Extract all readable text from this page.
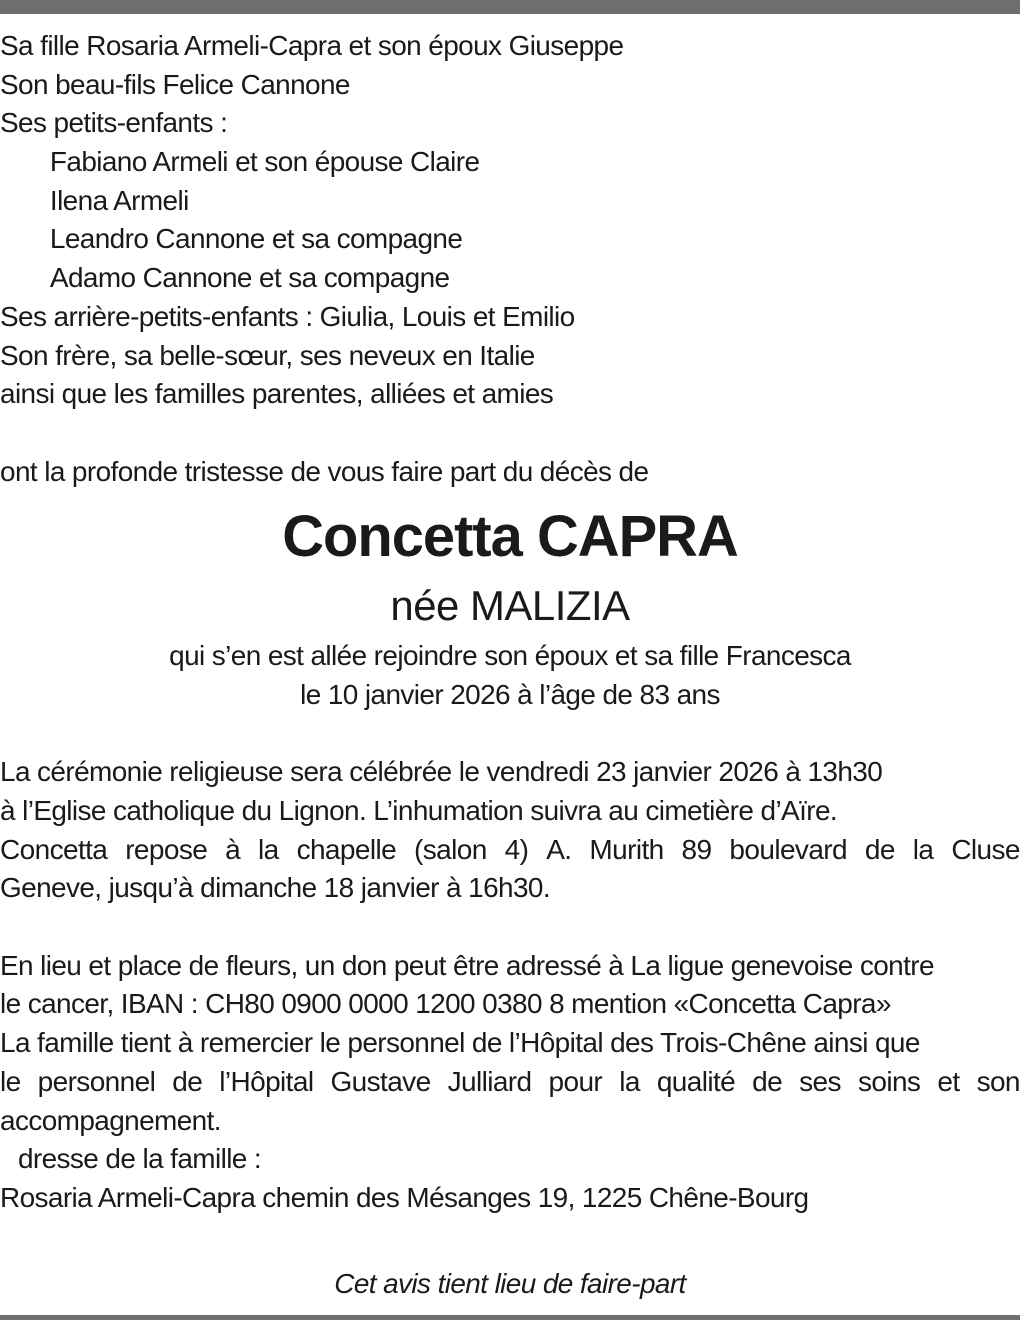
Sa fille Rosaria Armeli-Capra et son époux Giuseppe
Son beau-fils Felice Cannone
Ses petits-enfants :
Fabiano Armeli et son épouse Claire
Ilena Armeli
Leandro Cannone et sa compagne
Adamo Cannone et sa compagne
Ses arrière-petits-enfants : Giulia, Louis et Emilio
Son frère, sa belle-sœur, ses neveux en Italie
ainsi que les familles parentes, alliées et amies
ont la profonde tristesse de vous faire part du décès de
Concetta CAPRA
née MALIZIA
qui s’en est allée rejoindre son époux et sa fille Francesca
le 10 janvier 2026 à l’âge de 83 ans
La cérémonie religieuse sera célébrée le vendredi 23 janvier 2026 à 13h30
à l’Eglise catholique du Lignon. L’inhumation suivra au cimetière d’Aïre.
Concetta repose à la chapelle (salon 4) A. Murith 89 boulevard de la Cluse
Geneve, jusqu’à dimanche 18 janvier à 16h30.
En lieu et place de fleurs, un don peut être adressé à La ligue genevoise contre
le cancer, IBAN : CH80 0900 0000 1200 0380 8 mention «Concetta Capra»
La famille tient à remercier le personnel de l’Hôpital des Trois-Chêne ainsi que
le personnel de l’Hôpital Gustave Julliard pour la qualité de ses soins et son
accompagnement.
dresse de la famille :
Rosaria Armeli-Capra chemin des Mésanges 19, 1225 Chêne-Bourg
Cet avis tient lieu de faire-part
